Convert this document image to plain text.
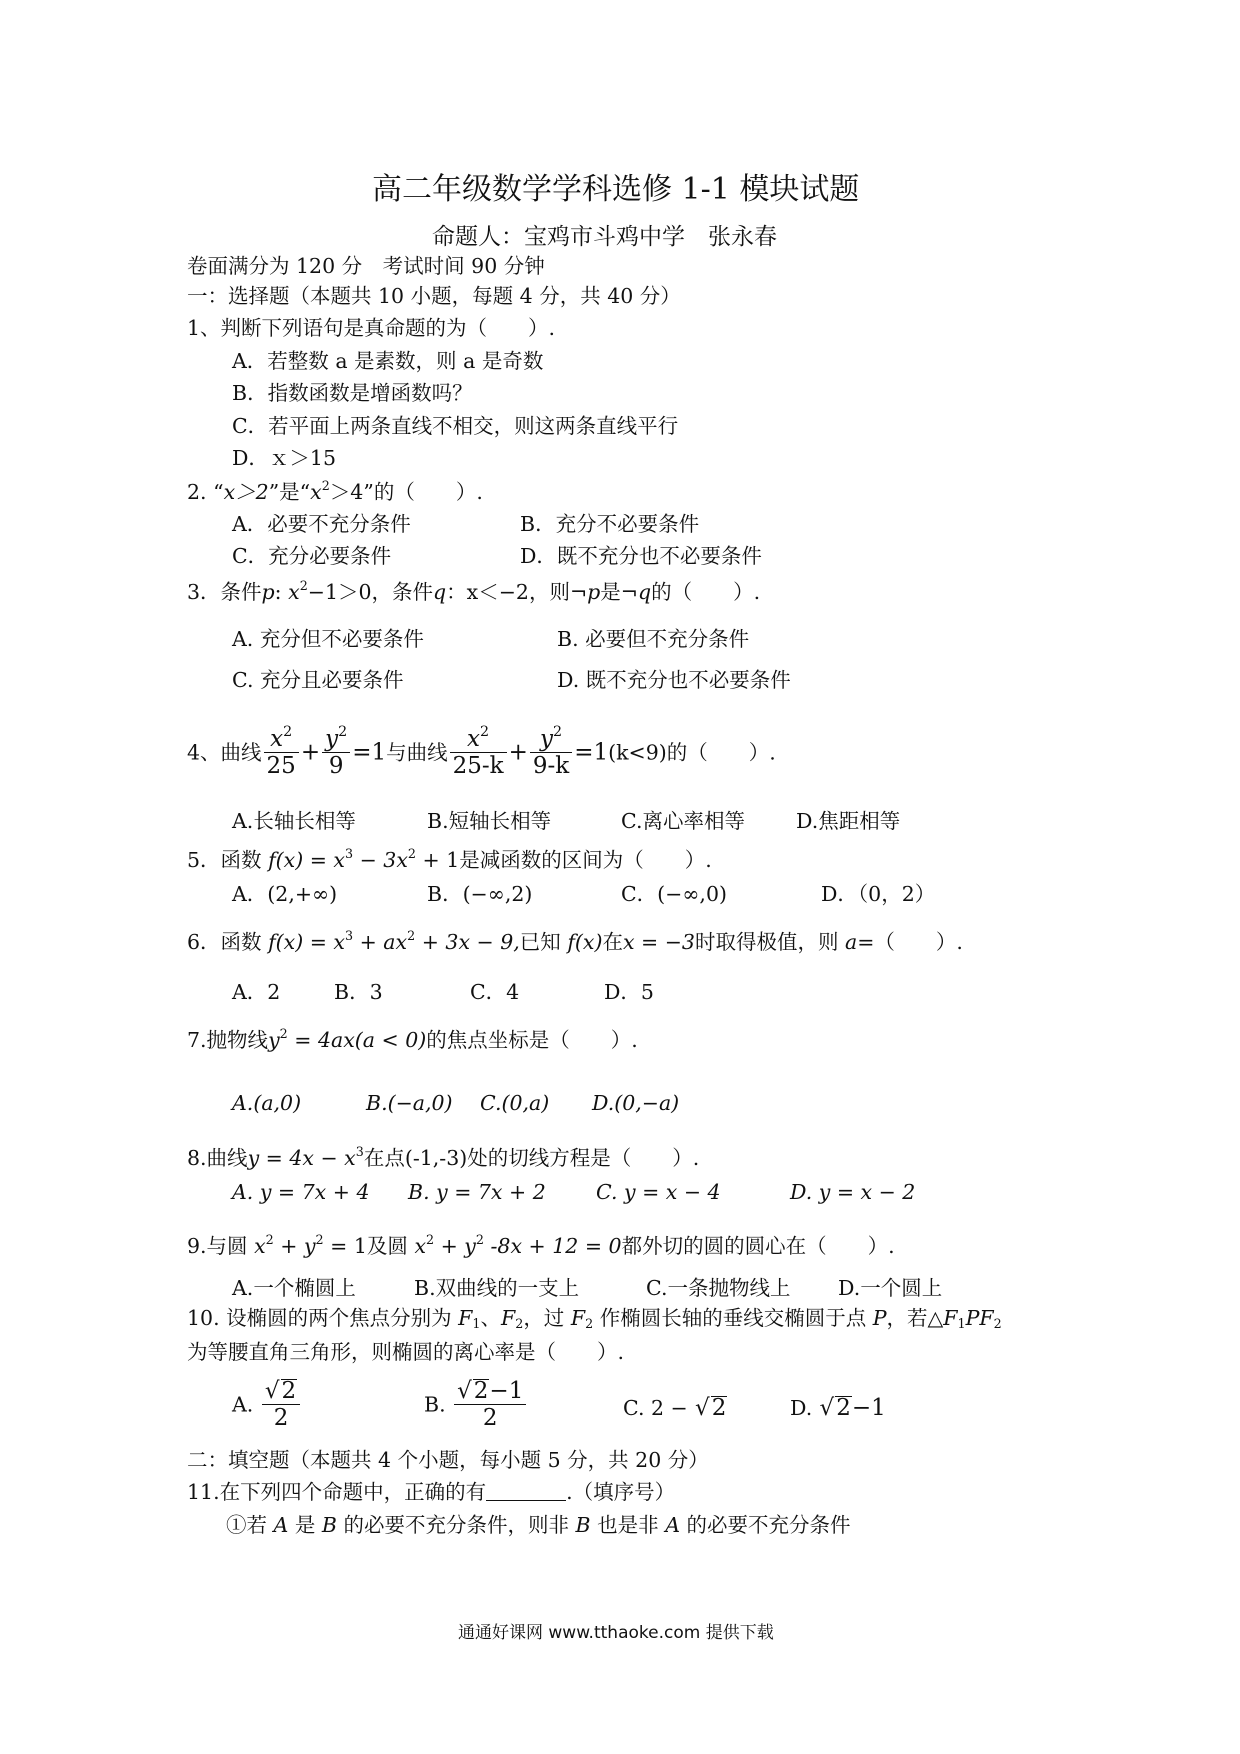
高二年级数学学科选修 1-1 模块试题
命题人：宝鸡市斗鸡中学　张永春
卷面满分为 120 分　考试时间 90 分钟
一：选择题（本题共 10 小题，每题 4 分，共 40 分）
1、判断下列语句是真命题的为（　　）.
A．若整数 a 是素数，则 a 是奇数
B．指数函数是增函数吗？
C．若平面上两条直线不相交，则这两条直线平行
D．ｘ＞15
2. “x＞2”是“$x^2>4$”的（　　）.
A．必要不充分条件	B．充分不必要条件
C．充分必要条件	D．既不充分也不必要条件
3．条件p: $x^2-1>0$，条件q：x＜−2，则¬p是¬q的（　　）.
A. 充分但不必要条件	B. 必要但不充分条件
C. 充分且必要条件	D. 既不充分也不必要条件
4、曲线 $\frac{x^2}{25} + \frac{y^2}{9} =1$与曲线 $\frac{x^2}{25-k} + \frac{y^2}{9-k} =1(k<9)$的（　　）.
A.长轴长相等	B.短轴长相等	C.离心率相等 D.焦距相等
5．函数 $f(x) = x^3 - 3x^2 + 1$是减函数的区间为（　　）.
A．(2,+∞)	B．(−∞,2)	C．(−∞,0)	D．（0，2）
6．函数 $f(x) = x^3 + ax^2 + 3x - 9$,已知 f(x)在x = −3时取得极值，则 a=（　　）.
A．2	B．3	C．4	D．5
7.抛物线$y^2 = 4ax(a < 0)$的焦点坐标是（　　）.
A.(a,0)	B.(−a,0) C.(0,a) D.(0,−a)
8.曲线$y = 4x - x^3$在点(-1,-3)处的切线方程是（　　）.
A. y = 7x + 4 B. y = 7x + 2 C. y = x − 4	D. y = x − 2
9.与圆 $x^2 + y^2 = 1$及圆 $x^2 + y^2$ -8x + 12 = 0都外切的圆的圆心在（　　）.
A.一个椭圆上	B.双曲线的一支上	C.一条抛物线上 D.一个圆上
10. 设椭圆的两个焦点分别为 $F_1$、$F_2$，过 $F_2$ 作椭圆长轴的垂线交椭圆于点 P，若$\triangle F_1PF_2$
为等腰直角三角形，则椭圆的离心率是（　　）.
A. $\frac{√2}{2}$	B. $\frac{√2-1}{2}$	C. 2 − √2	D. √2−1
二：填空题（本题共 4 个小题，每小题 5 分，共 20 分）
11.在下列四个命题中，正确的有	.（填序号）
①若 A 是 B 的必要不充分条件，则非 B 也是非 A 的必要不充分条件
通通好课网 www.tthaoke.com 提供下载
